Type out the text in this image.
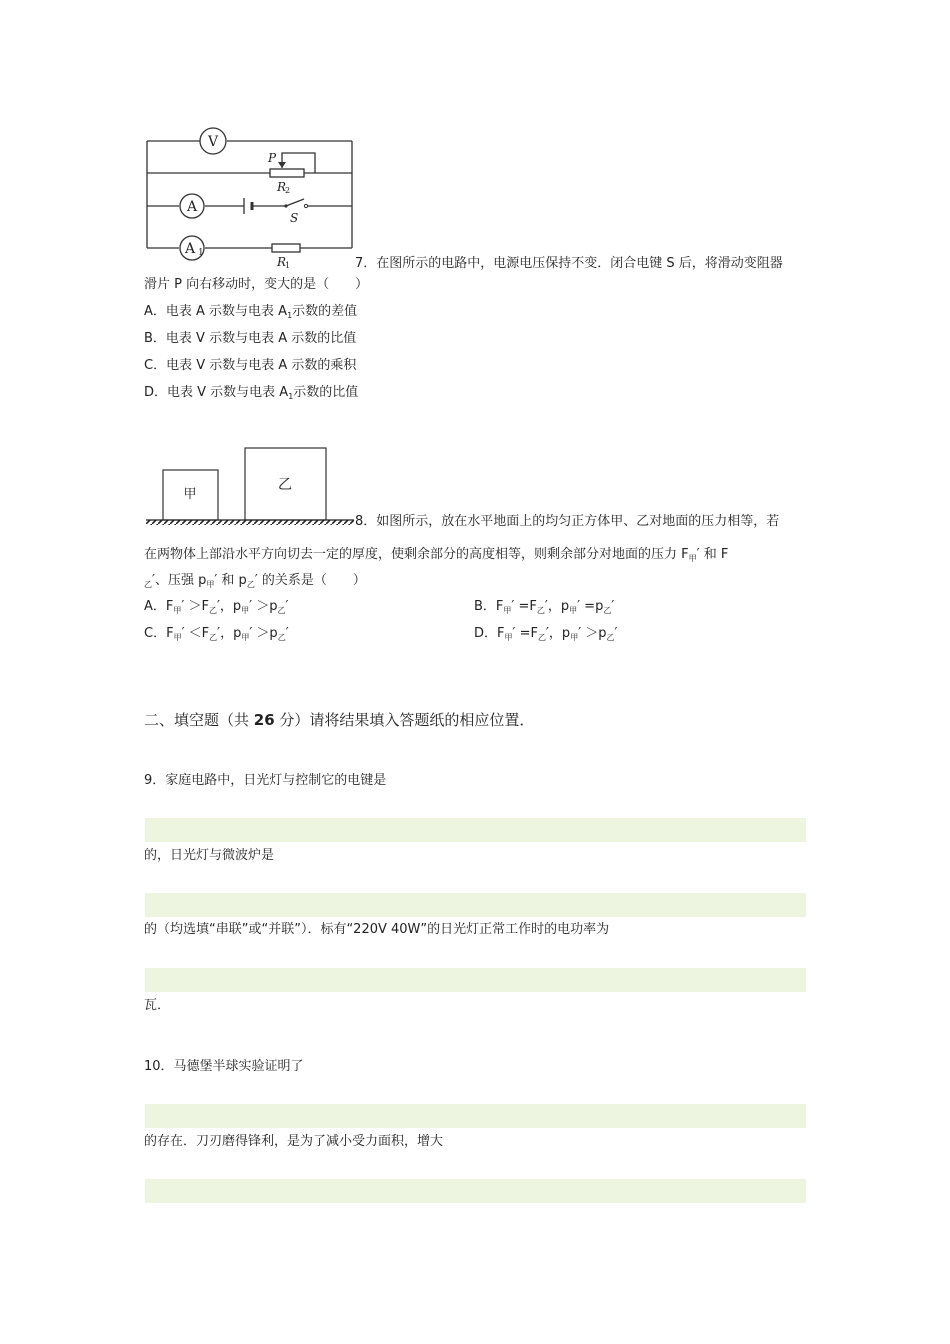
V
A
A 1
P
R
2
S
R
1	7．在图所示的电路中，电源电压保持不变．闭合电键 S 后，将滑动变阻器
滑片 P 向右移动时，变大的是（　　）
A．电表 A 示数与电表 $A_1$示数的差值
B．电表 V 示数与电表 A 示数的比值
C．电表 V 示数与电表 A 示数的乘积
D．电表 V 示数与电表 $A_1$示数的比值
甲
乙
8．如图所示，放在水平地面上的均匀正方体甲、乙对地面的压力相等，若
在两物体上部沿水平方向切去一定的厚度，使剩余部分的高度相等，则剩余部分对地面的压力 $F_甲'$ 和 F
$_乙$′、压强 $p_甲'$ 和 $p_乙'$ 的关系是（　　）
A．$F_甲' >F_乙'$，$p_甲' >p_乙'$	B．$F_甲' =F_乙'$，$p_甲' =p_乙'$
C．$F_甲' <F_乙'$，$p_甲' >p_乙'$	D．$F_甲' =F_乙'$，$p_甲' >p_乙'$
二、填空题（共 26 分）请将结果填入答题纸的相应位置．
9．家庭电路中，日光灯与控制它的电键是
的，日光灯与微波炉是
的（均选填“串联”或“并联”）．标有“220V 40W”的日光灯正常工作时的电功率为
瓦．
10．马德堡半球实验证明了
的存在．刀刃磨得锋利，是为了减小受力面积，增大
